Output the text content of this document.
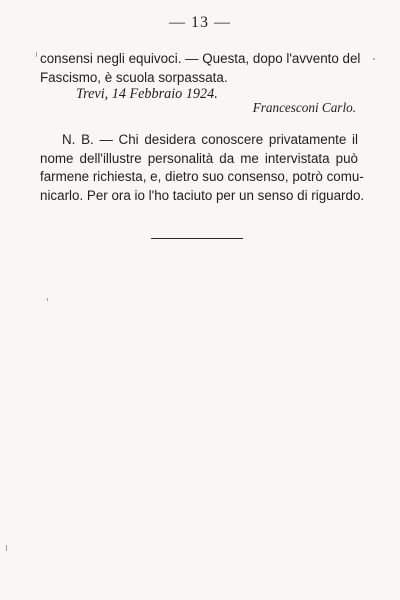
— 13 —
consensi negli equivoci. — Questa, dopo l'avvento del
Fascismo, è scuola sorpassata.
Trevi, 14 Febbraio 1924.
Francesconi Carlo.
N. B. — Chi desidera conoscere privatamente il
nome dell'illustre personalità da me intervistata può
farmene richiesta, e, dietro suo consenso, potrò comu-
nicarlo. Per ora io l'ho taciuto per un senso di riguardo.
